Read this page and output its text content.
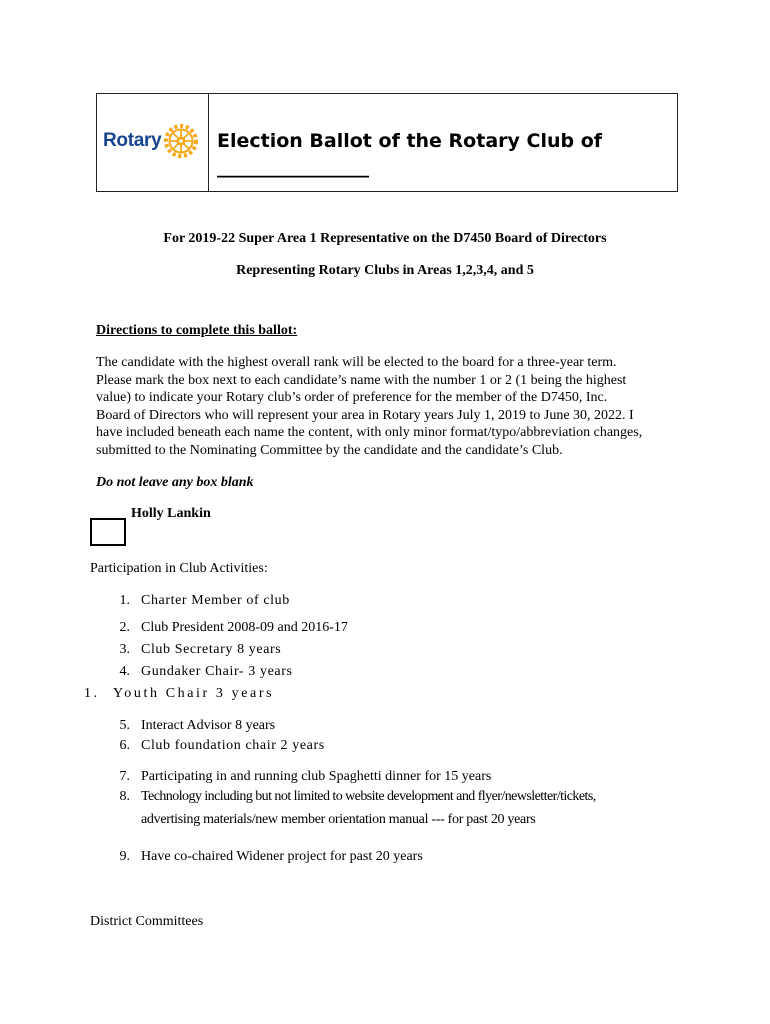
Rotary	Election Ballot of the Rotary Club of
________________
For 2019-22 Super Area 1 Representative on the D7450 Board of Directors
Representing Rotary Clubs in Areas 1,2,3,4, and 5
Directions to complete this ballot:
The candidate with the highest overall rank will be elected to the board for a three-year term.
Please mark the box next to each candidate’s name with the number 1 or 2 (1 being the highest
value) to indicate your Rotary club’s order of preference for the member of the D7450, Inc.
Board of Directors who will represent your area in Rotary years July 1, 2019 to June 30, 2022. I
have included beneath each name the content, with only minor format/typo/abbreviation changes,
submitted to the Nominating Committee by the candidate and the candidate’s Club.
Do not leave any box blank
Holly Lankin
Participation in Club Activities:
1. Charter Member of club
2. Club President 2008-09 and 2016-17
3. Club Secretary 8 years
4. Gundaker Chair- 3 years
1. Youth Chair 3 years
5. Interact Advisor 8 years
6. Club foundation chair 2 years
7. Participating in and running club Spaghetti dinner for 15 years
8. Technology including but not limited to website development and flyer/newsletter/tickets,
advertising materials/new member orientation manual --- for past 20 years
9. Have co-chaired Widener project for past 20 years
District Committees
